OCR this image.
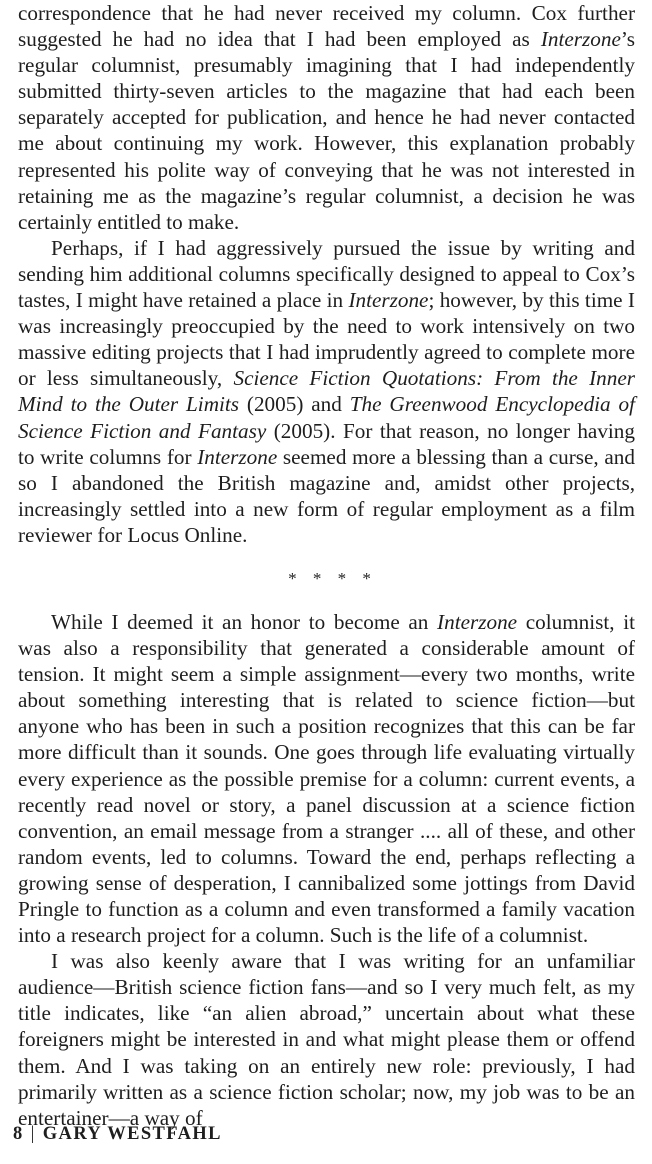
correspondence that he had never received my column. Cox further suggested he had no idea that I had been employed as Interzone’s regular columnist, presumably imagining that I had independently submitted thirty-seven articles to the magazine that had each been separately accepted for publication, and hence he had never contacted me about continuing my work. However, this explanation probably represented his polite way of conveying that he was not interested in retaining me as the magazine’s regular columnist, a decision he was certainly entitled to make.

Perhaps, if I had aggressively pursued the issue by writing and sending him additional columns specifically designed to appeal to Cox’s tastes, I might have retained a place in Interzone; however, by this time I was increasingly preoccupied by the need to work intensively on two massive editing projects that I had imprudently agreed to complete more or less simultaneously, Science Fiction Quotations: From the Inner Mind to the Outer Limits (2005) and The Greenwood Encyclopedia of Science Fiction and Fantasy (2005). For that reason, no longer having to write columns for Interzone seemed more a blessing than a curse, and so I abandoned the British magazine and, amidst other projects, increasingly settled into a new form of regular employment as a film reviewer for Locus Online.

* * * *

While I deemed it an honor to become an Interzone columnist, it was also a responsibility that generated a considerable amount of tension. It might seem a simple assignment—every two months, write about something interesting that is related to science fiction—but anyone who has been in such a position recognizes that this can be far more difficult than it sounds. One goes through life evaluating virtually every experience as the possible premise for a column: current events, a recently read novel or story, a panel discussion at a science fiction convention, an email message from a stranger .... all of these, and other random events, led to columns. Toward the end, perhaps reflecting a growing sense of desperation, I cannibalized some jottings from David Pringle to function as a column and even transformed a family vacation into a research project for a column. Such is the life of a columnist.

I was also keenly aware that I was writing for an unfamiliar audience—British science fiction fans—and so I very much felt, as my title indicates, like “an alien abroad,” uncertain about what these foreigners might be interested in and what might please them or offend them. And I was taking on an entirely new role: previously, I had primarily written as a science fiction scholar; now, my job was to be an entertainer—a way of

8 | GARY WESTFAHL
